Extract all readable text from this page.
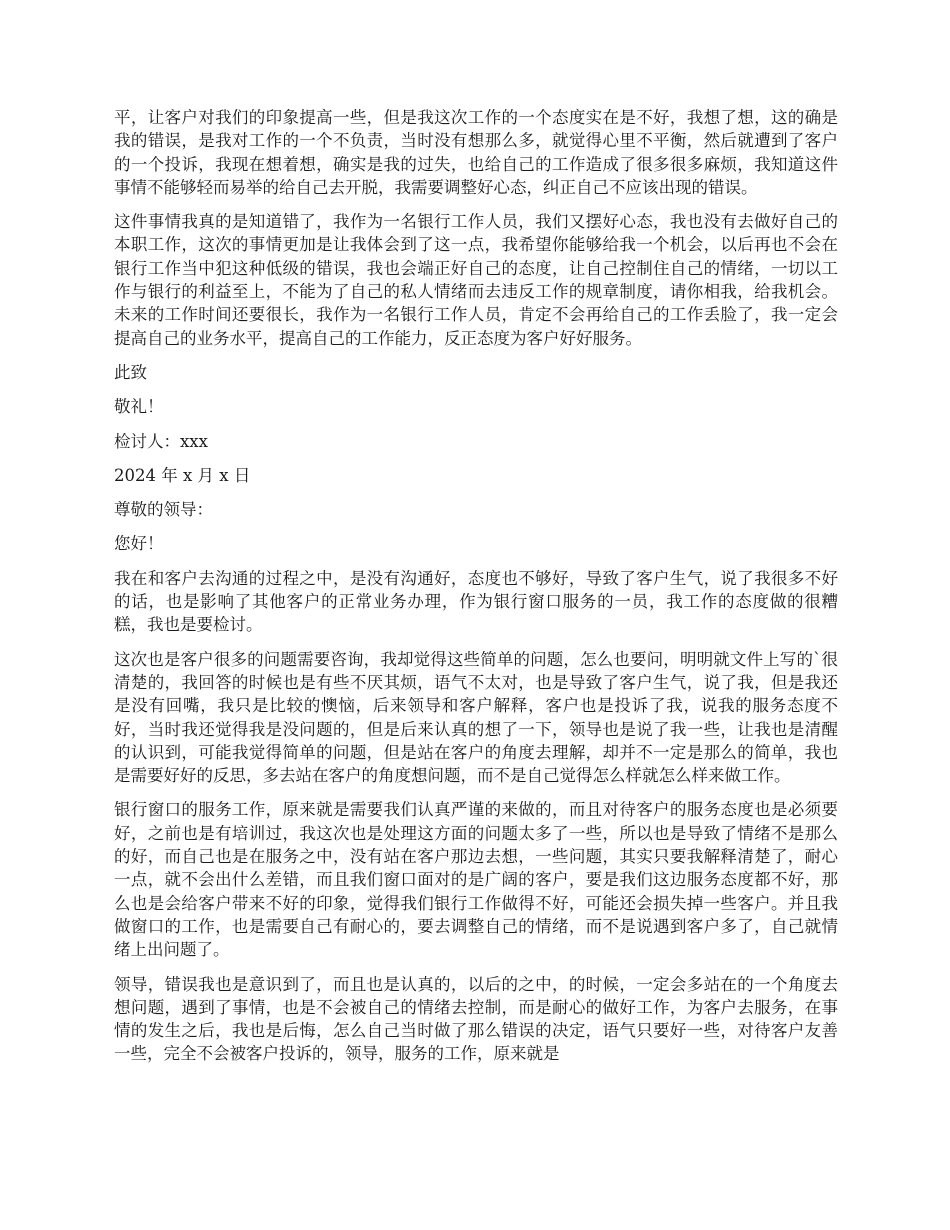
平，让客户对我们的印象提高一些，但是我这次工作的一个态度实在是不好，我想了想，这的确是我的错误，是我对工作的一个不负责，当时没有想那么多，就觉得心里不平衡，然后就遭到了客户的一个投诉，我现在想着想，确实是我的过失，也给自己的工作造成了很多很多麻烦，我知道这件事情不能够轻而易举的给自己去开脱，我需要调整好心态，纠正自己不应该出现的错误。

这件事情我真的是知道错了，我作为一名银行工作人员，我们又摆好心态，我也没有去做好自己的本职工作，这次的事情更加是让我体会到了这一点，我希望你能够给我一个机会，以后再也不会在银行工作当中犯这种低级的错误，我也会端正好自己的态度，让自己控制住自己的情绪，一切以工作与银行的利益至上，不能为了自己的私人情绪而去违反工作的规章制度，请你相我，给我机会。未来的工作时间还要很长，我作为一名银行工作人员，肯定不会再给自己的工作丢脸了，我一定会提高自己的业务水平，提高自己的工作能力，反正态度为客户好好服务。

此致

敬礼！

检讨人：xxx

2024 年 x 月 x 日

尊敬的领导：

您好！

我在和客户去沟通的过程之中，是没有沟通好，态度也不够好，导致了客户生气，说了我很多不好的话，也是影响了其他客户的正常业务办理，作为银行窗口服务的一员，我工作的态度做的很糟糕，我也是要检讨。

这次也是客户很多的问题需要咨询，我却觉得这些简单的问题，怎么也要问，明明就文件上写的`很清楚的，我回答的时候也是有些不厌其烦，语气不太对，也是导致了客户生气，说了我，但是我还是没有回嘴，我只是比较的懊恼，后来领导和客户解释，客户也是投诉了我，说我的服务态度不好，当时我还觉得我是没问题的，但是后来认真的想了一下，领导也是说了我一些，让我也是清醒的认识到，可能我觉得简单的问题，但是站在客户的角度去理解，却并不一定是那么的简单，我也是需要好好的反思，多去站在客户的角度想问题，而不是自己觉得怎么样就怎么样来做工作。

银行窗口的服务工作，原来就是需要我们认真严谨的来做的，而且对待客户的服务态度也是必须要好，之前也是有培训过，我这次也是处理这方面的问题太多了一些，所以也是导致了情绪不是那么的好，而自己也是在服务之中，没有站在客户那边去想，一些问题，其实只要我解释清楚了，耐心一点，就不会出什么差错，而且我们窗口面对的是广阔的客户，要是我们这边服务态度都不好，那么也是会给客户带来不好的印象，觉得我们银行工作做得不好，可能还会损失掉一些客户。并且我做窗口的工作，也是需要自己有耐心的，要去调整自己的情绪，而不是说遇到客户多了，自己就情绪上出问题了。

领导，错误我也是意识到了，而且也是认真的，以后的之中，的时候，一定会多站在的一个角度去想问题，遇到了事情，也是不会被自己的情绪去控制，而是耐心的做好工作，为客户去服务，在事情的发生之后，我也是后悔，怎么自己当时做了那么错误的决定，语气只要好一些，对待客户友善一些，完全不会被客户投诉的，领导，服务的工作，原来就是
